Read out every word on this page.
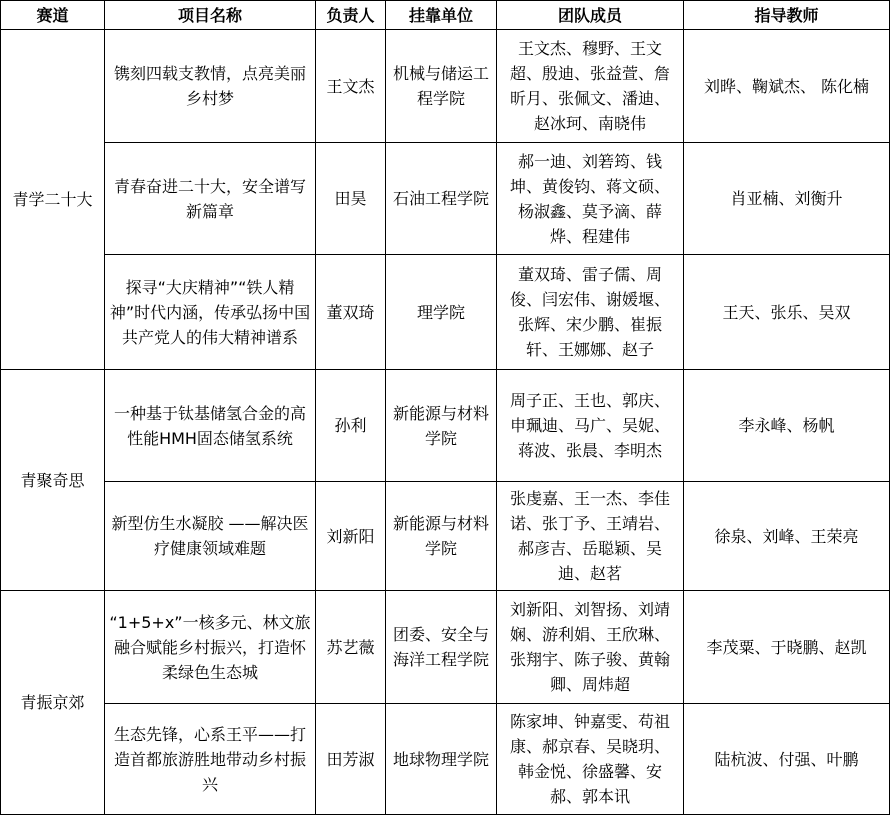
赛道	项目名称	负责人	挂靠单位	团队成员	指导教师
青学二十大	镌刻四载支教情，点亮美丽乡村梦	王文杰	机械与储运工程学院	王文杰、穆野、王文超、殷迪、张益萱、詹昕月、张佩文、潘迪、赵冰珂、南晓伟	刘晔、鞠斌杰、 陈化楠
	青春奋进二十大，安全谱写新篇章	田昊	石油工程学院	郝一迪、刘箬筠、钱坤、黄俊钧、蒋文硕、杨淑鑫、莫予滴、薛烨、程建伟	肖亚楠、刘衡升
	探寻“大庆精神”“铁人精神”时代内涵，传承弘扬中国共产党人的伟大精神谱系	董双琦	理学院	董双琦、雷子儒、周俊、闫宏伟、谢媛堰、张辉、宋少鹏、崔振轩、王娜娜、赵子	王天、张乐、吴双
青聚奇思	一种基于钛基储氢合金的高性能HMH固态储氢系统	孙利	新能源与材料学院	周子正、王也、郭庆、申珮迪、马广、吴妮、蒋波、张晨、李明杰	李永峰、杨帆
	新型仿生水凝胶 ——解决医疗健康领域难题	刘新阳	新能源与材料学院	张虔嘉、王一杰、李佳诺、张丁予、王靖岩、郝彦吉、岳聪颖、吴迪、赵茗	徐泉、刘峰、王荣亮
青振京郊	“1+5+x”一核多元、林文旅融合赋能乡村振兴，打造怀柔绿色生态城	苏艺薇	团委、安全与海洋工程学院	刘新阳、刘智扬、刘靖娴、游利娟、王欣琳、张翔宇、陈子骏、黄翰卿、周炜超	李茂粟、于晓鹏、赵凯
	生态先锋，心系王平——打造首都旅游胜地带动乡村振兴	田芳淑	地球物理学院	陈家坤、钟嘉雯、苟祖康、郝京春、吴晓玥、韩金悦、徐盛馨、安郝、郭本讯	陆杭波、付强、叶鹏
